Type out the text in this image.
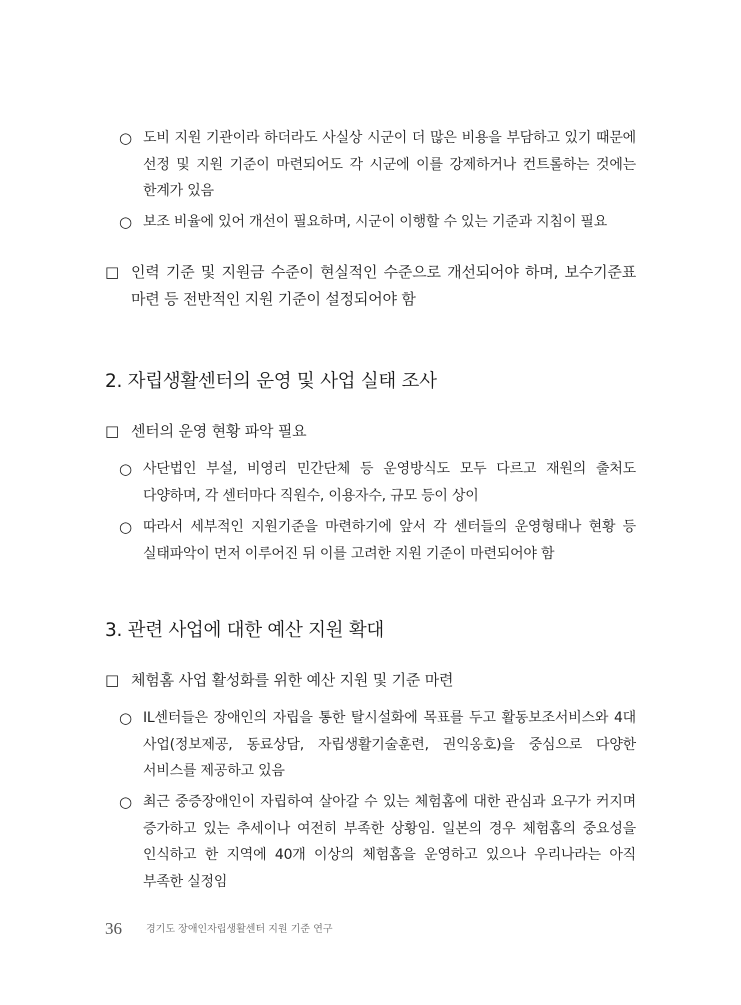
○ 도비 지원 기관이라 하더라도 사실상 시군이 더 많은 비용을 부담하고 있기 때문에 선정 및 지원 기준이 마련되어도 각 시군에 이를 강제하거나 컨트롤하는 것에는 한계가 있음
○ 보조 비율에 있어 개선이 필요하며, 시군이 이행할 수 있는 기준과 지침이 필요
□ 인력 기준 및 지원금 수준이 현실적인 수준으로 개선되어야 하며, 보수기준표 마련 등 전반적인 지원 기준이 설정되어야 함
2. 자립생활센터의 운영 및 사업 실태 조사
□ 센터의 운영 현황 파악 필요
○ 사단법인 부설, 비영리 민간단체 등 운영방식도 모두 다르고 재원의 출처도 다양하며, 각 센터마다 직원수, 이용자수, 규모 등이 상이
○ 따라서 세부적인 지원기준을 마련하기에 앞서 각 센터들의 운영형태나 현황 등 실태파악이 먼저 이루어진 뒤 이를 고려한 지원 기준이 마련되어야 함
3. 관련 사업에 대한 예산 지원 확대
□ 체험홈 사업 활성화를 위한 예산 지원 및 기준 마련
○ IL센터들은 장애인의 자립을 통한 탈시설화에 목표를 두고 활동보조서비스와 4대 사업(정보제공, 동료상담, 자립생활기술훈련, 권익옹호)을 중심으로 다양한 서비스를 제공하고 있음
○ 최근 중증장애인이 자립하여 살아갈 수 있는 체험홈에 대한 관심과 요구가 커지며 증가하고 있는 추세이나 여전히 부족한 상황임. 일본의 경우 체험홈의 중요성을 인식하고 한 지역에 40개 이상의 체험홈을 운영하고 있으나 우리나라는 아직 부족한 실정임
36 경기도 장애인자립생활센터 지원 기준 연구
